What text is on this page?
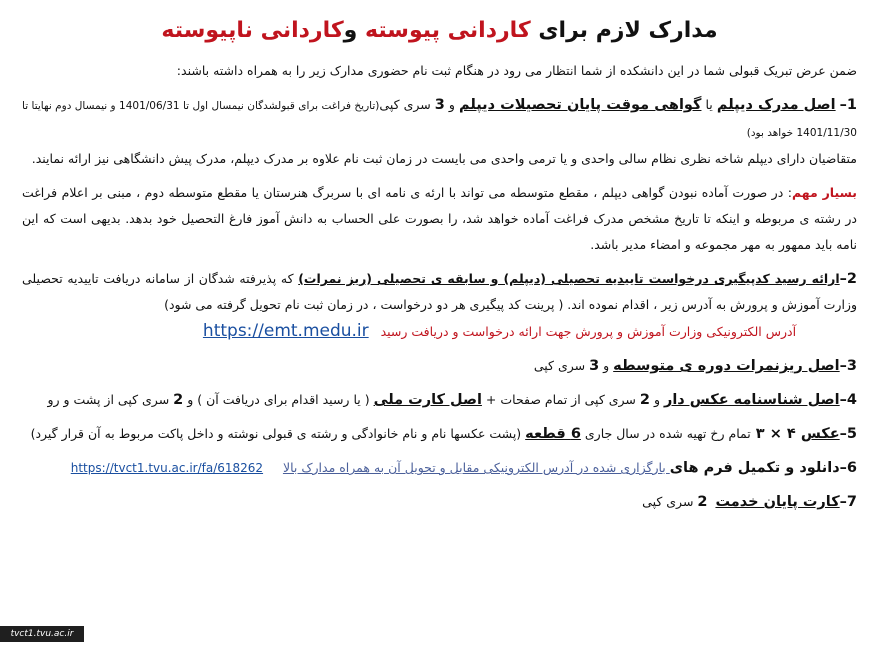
مدارک لازم برای کاردانی پیوسته وکاردانی ناپیوسته

ضمن عرض تبریک قبولی شما در این دانشکده از شما انتظار می رود در هنگام ثبت نام حضوری مدارک زیر را به همراه داشته باشند:

1– اصل مدرک دیپلم یا گواهی موقت پایان تحصیلات دیپلم و 3 سری کپی(تاریخ فراغت برای قبولشدگان نیمسال اول تا 1401/06/31 و نیمسال دوم نهایتا تا 1401/11/30 خواهد بود)

متقاضیان دارای دیپلم شاخه نظری نظام سالی واحدی و یا ترمی واحدی می بایست در زمان ثبت نام علاوه بر مدرک دیپلم، مدرک پیش دانشگاهی نیز ارائه نمایند.

بسیار مهم: در صورت آماده نبودن گواهی دیپلم ، مقطع متوسطه می تواند با ارئه ی نامه ای با سربرگ هنرستان یا مقطع متوسطه دوم ، مبنی بر اعلام فراغت در رشته ی مربوطه و اینکه تا تاریخ مشخص مدرک فراغت آماده خواهد شد، را بصورت علی الحساب به دانش آموز فارغ التحصیل خود بدهد. بدیهی است که این نامه باید ممهور به مهر مجموعه و امضاء مدیر باشد.

2–ارائه رسید کدپیگیری درخواست تاییدیه تحصیلی (دیپلم) و سابقه ی تحصیلی (ریز نمرات) که پذیرفته شدگان از سامانه دریافت تاییدیه تحصیلی وزارت آموزش و پرورش به آدرس زیر ، اقدام نموده اند. ( پرینت کد پیگیری هر دو درخواست ، در زمان ثبت نام تحویل گرفته می شود)

آدرس الکترونیکی وزارت آموزش و پرورش جهت ارائه درخواست و دریافت رسید   https://emt.medu.ir

3–اصل ریزنمرات دوره ی متوسطه و 3 سری کپی

4–اصل شناسنامه عکس دار و 2 سری کپی از تمام صفحات + اصل کارت ملی ( یا رسید اقدام برای دریافت آن ) و 2 سری کپی از پشت و رو

5–عکس ۴ × ۳ تمام رخ تهیه شده در سال جاری 6 قطعه (پشت عکسها نام و نام خانوادگی و رشته ی قبولی نوشته و داخل پاکت مربوط به آن قرار گیرد)

6–دانلود و تکمیل فرم های بارگزاری شده در آدرس الکترونیکی مقابل و تحویل آن به همراه مدارک بالا     https://tvct1.tvu.ac.ir/fa/618262

7–کارت پایان خدمت  2 سری کپی

tvct1.tvu.ac.ir
